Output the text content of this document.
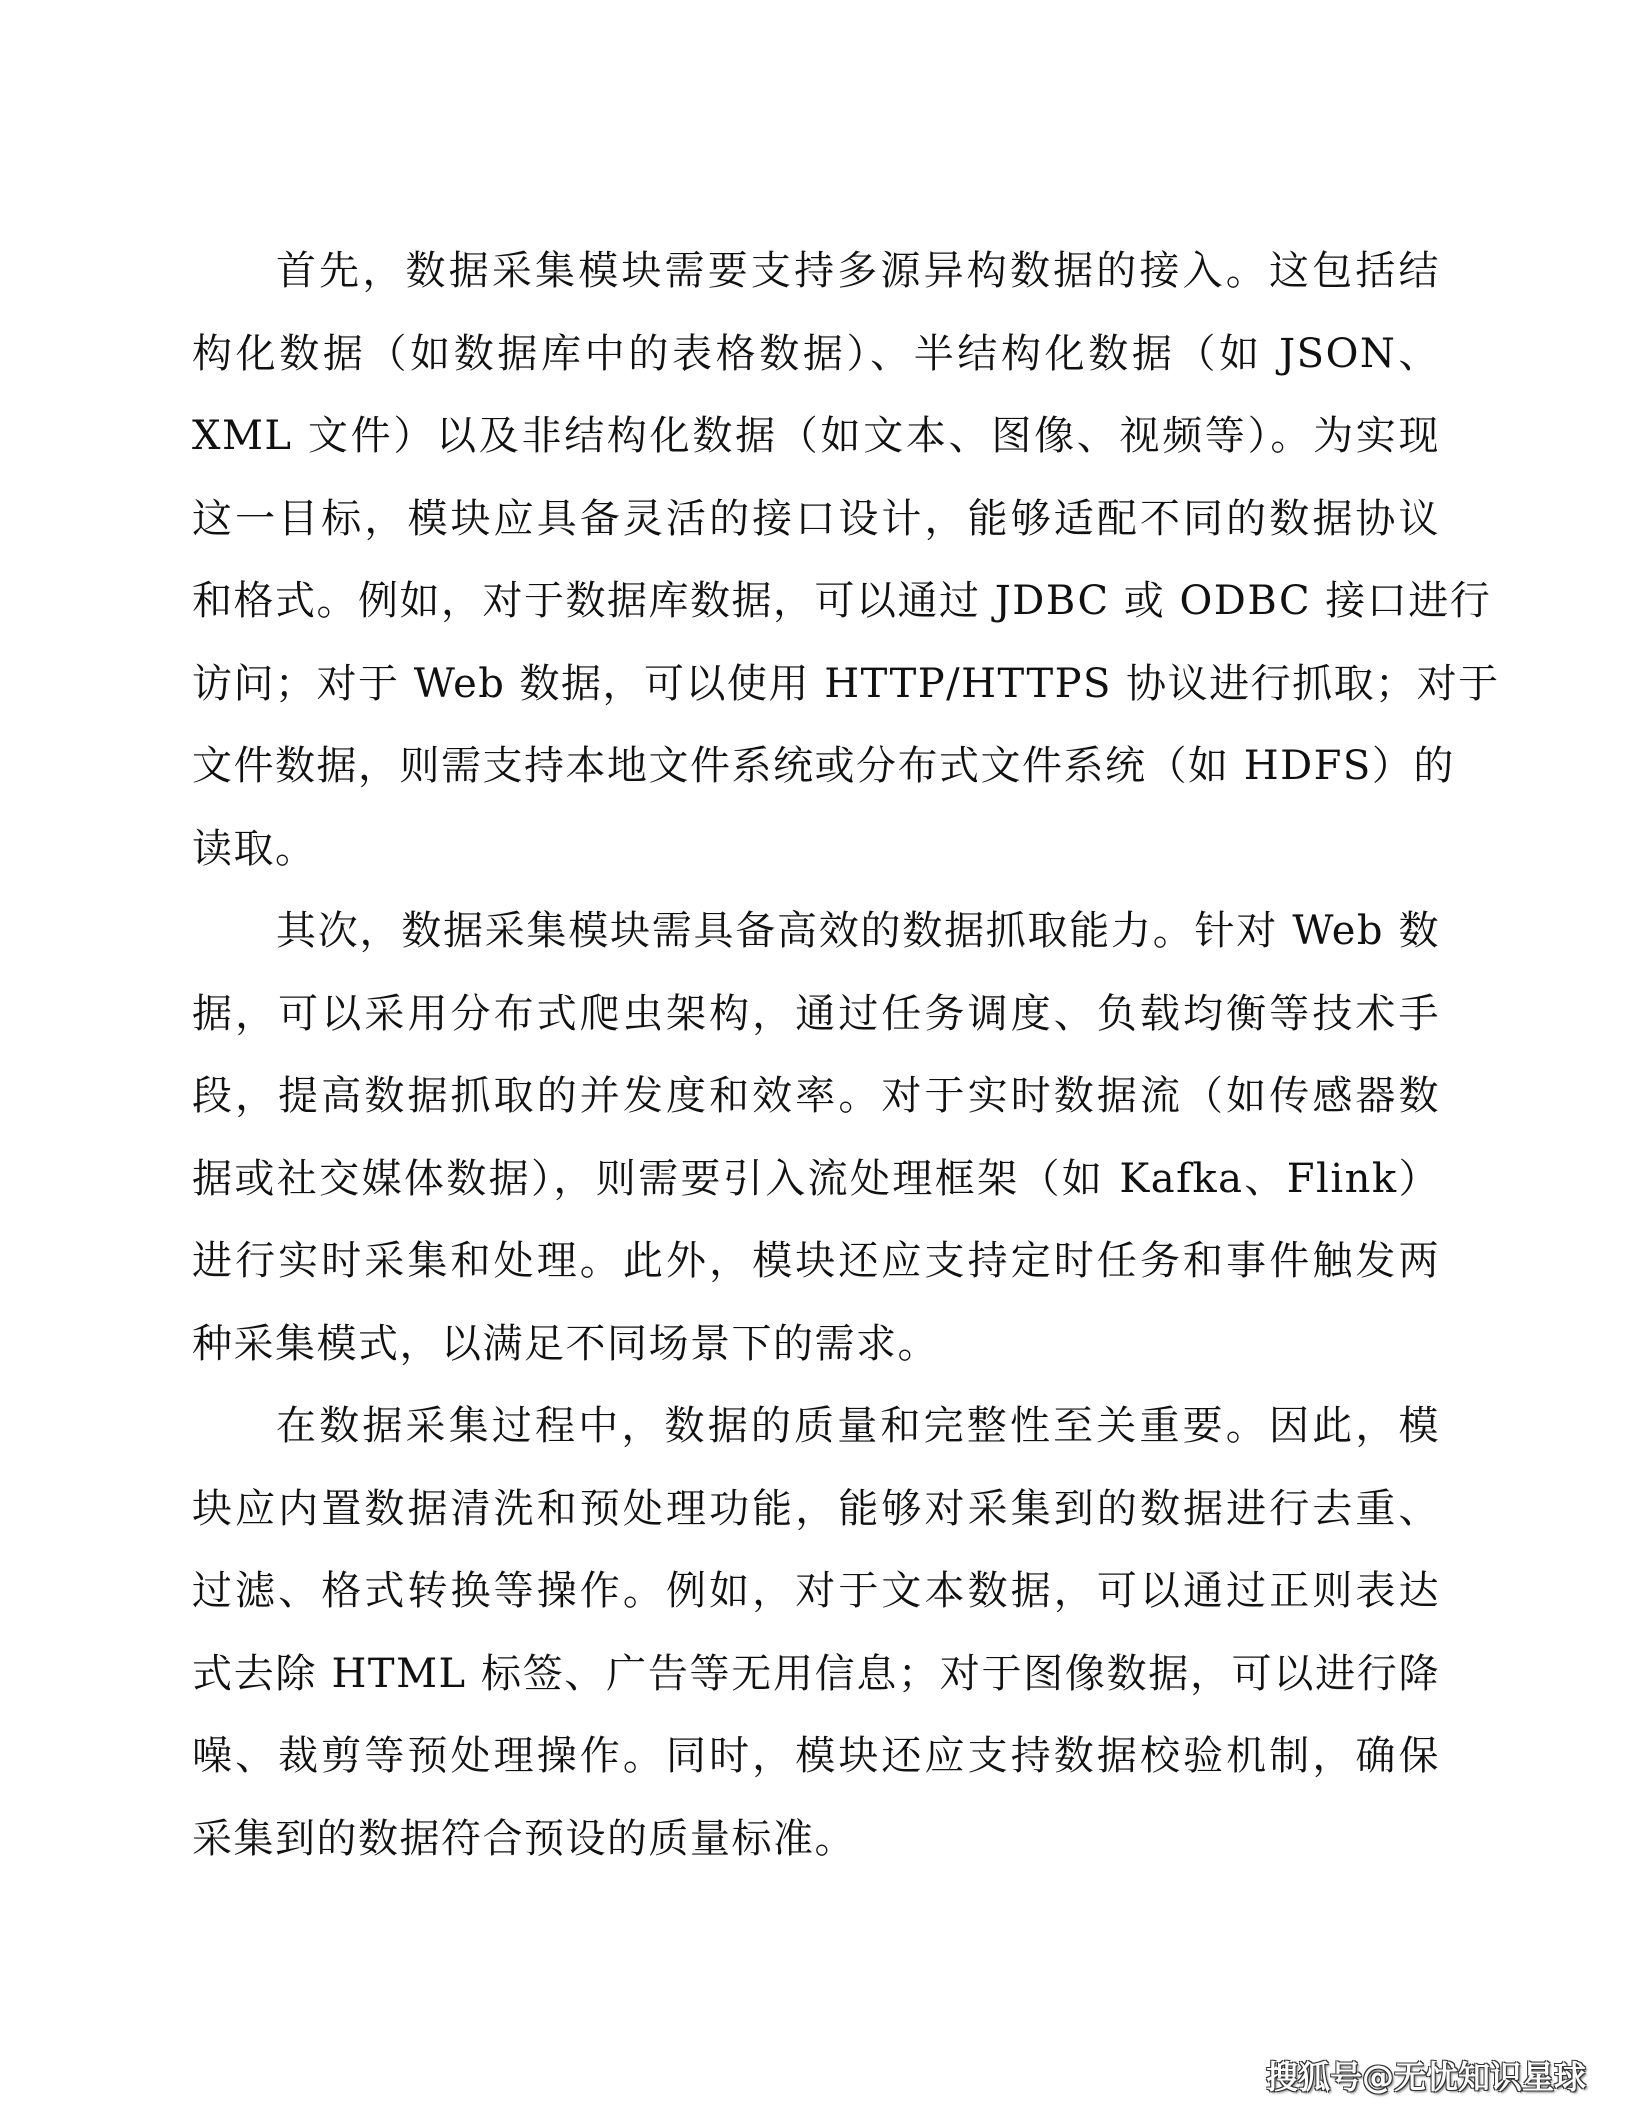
首先，数据采集模块需要支持多源异构数据的接入。这包括结
构化数据（如数据库中的表格数据）、半结构化数据（如 JSON、
XML 文件）以及非结构化数据（如文本、图像、视频等）。为实现
这一目标，模块应具备灵活的接口设计，能够适配不同的数据协议
和格式。例如，对于数据库数据，可以通过 JDBC 或 ODBC 接口进行
访问；对于 Web 数据，可以使用 HTTP/HTTPS 协议进行抓取；对于
文件数据，则需支持本地文件系统或分布式文件系统（如 HDFS）的
读取。
其次，数据采集模块需具备高效的数据抓取能力。针对 Web 数
据，可以采用分布式爬虫架构，通过任务调度、负载均衡等技术手
段，提高数据抓取的并发度和效率。对于实时数据流（如传感器数
据或社交媒体数据），则需要引入流处理框架（如 Kafka、Flink）
进行实时采集和处理。此外，模块还应支持定时任务和事件触发两
种采集模式，以满足不同场景下的需求。
在数据采集过程中，数据的质量和完整性至关重要。因此，模
块应内置数据清洗和预处理功能，能够对采集到的数据进行去重、
过滤、格式转换等操作。例如，对于文本数据，可以通过正则表达
式去除 HTML 标签、广告等无用信息；对于图像数据，可以进行降
噪、裁剪等预处理操作。同时，模块还应支持数据校验机制，确保
采集到的数据符合预设的质量标准。
搜狐号@无忧知识星球
